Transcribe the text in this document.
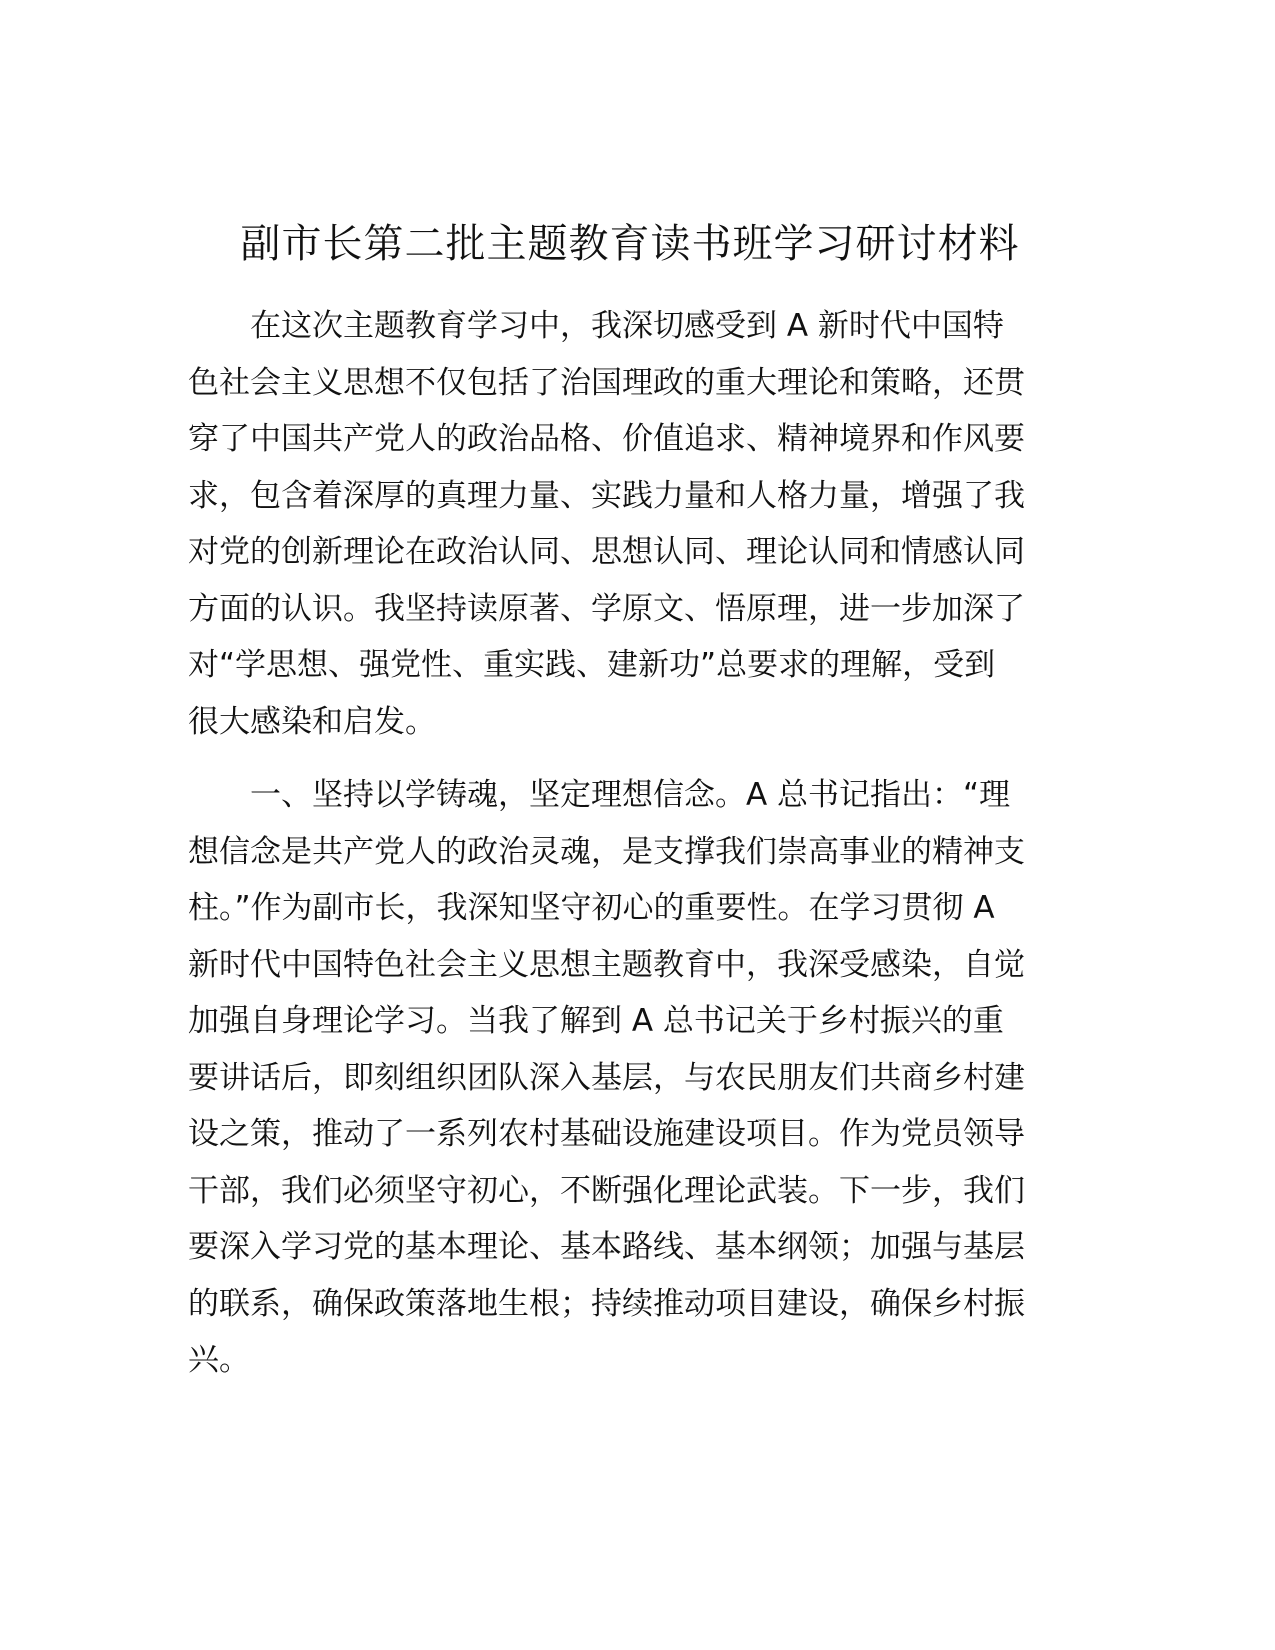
副市长第二批主题教育读书班学习研讨材料
在这次主题教育学习中，我深切感受到 A 新时代中国特
色社会主义思想不仅包括了治国理政的重大理论和策略，还贯
穿了中国共产党人的政治品格、价值追求、精神境界和作风要
求，包含着深厚的真理力量、实践力量和人格力量，增强了我
对党的创新理论在政治认同、思想认同、理论认同和情感认同
方面的认识。我坚持读原著、学原文、悟原理，进一步加深了
对“学思想、强党性、重实践、建新功”总要求的理解，受到
很大感染和启发。
一、坚持以学铸魂，坚定理想信念。A 总书记指出：“理
想信念是共产党人的政治灵魂，是支撑我们崇高事业的精神支
柱。”作为副市长，我深知坚守初心的重要性。在学习贯彻 A
新时代中国特色社会主义思想主题教育中，我深受感染，自觉
加强自身理论学习。当我了解到 A 总书记关于乡村振兴的重
要讲话后，即刻组织团队深入基层，与农民朋友们共商乡村建
设之策，推动了一系列农村基础设施建设项目。作为党员领导
干部，我们必须坚守初心，不断强化理论武装。下一步，我们
要深入学习党的基本理论、基本路线、基本纲领；加强与基层
的联系，确保政策落地生根；持续推动项目建设，确保乡村振
兴。
